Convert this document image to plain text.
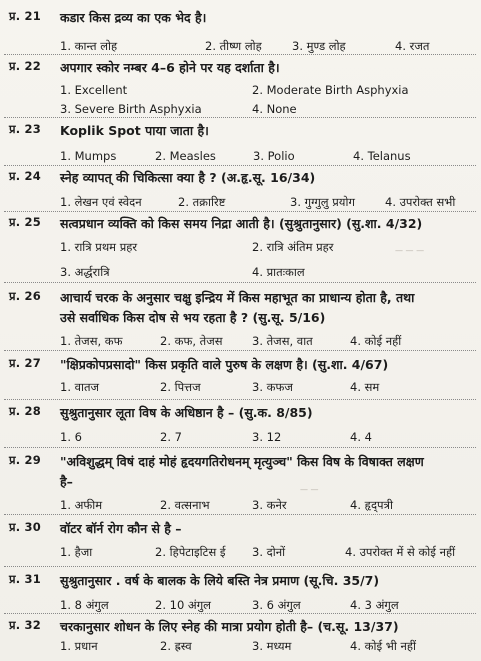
प्र. 21 कडार किस द्रव्य का एक भेद है।
1. कान्त लोह	2. तीष्ण लोह	3. मुण्ड लोह	4. रजत
प्र. 22 अपगार स्कोर नम्बर 4–6 होने पर यह दर्शाता है।
1. Excellent	2. Moderate Birth Asphyxia
3. Severe Birth Asphyxia	4. None
प्र. 23 Koplik Spot पाया जाता है।
1. Mumps	2. Measles	3. Polio	4. Telanus
प्र. 24 स्नेह व्यापत् की चिकित्सा क्या है ? (अ.हृ.सू. 16/34)
1. लेखन एवं स्वेदन	2. तक्रारिष्ट	3. गुग्गुलु प्रयोग	4. उपरोक्त सभी
प्र. 25 सत्वप्रधान व्यक्ति को किस समय निद्रा आती है। (सुश्रुतानुसार) (सु.शा. 4/32)
1. रात्रि प्रथम प्रहर	2. रात्रि अंतिम प्रहर
3. अर्द्धरात्रि	4. प्रातःकाल
— — —
प्र. 26 आचार्य चरक के अनुसार चक्षु इन्द्रिय में किस महाभूत का प्राधान्य होता है, तथा
उसे सर्वाधिक किस दोष से भय रहता है ? (सु.सू. 5/16)
1. तेजस, कफ	2. कफ, तेजस	3. तेजस, वात	4. कोई नहीं
प्र. 27 "क्षिप्रकोपप्रसादो" किस प्रकृति वाले पुरुष के लक्षण है। (सु.शा. 4/67)
1. वातज	2. पित्तज	3. कफज	4. सम
प्र. 28 सुश्रुतानुसार लूता विष के अधिष्ठान है – (सु.क. 8/85)
1. 6	2. 7	3. 12	4. 4
प्र. 29 "अविशुद्धम् विषं दाहं मोहं हृदयगतिरोधनम् मृत्युञ्च" किस विष के विषाक्त लक्षण
है–
1. अफीम	2. वत्सनाभ	3. कनेर	4. हृद्पत्री
— —
प्र. 30 वॉटर बॉर्न रोग कौन से है –
1. हैजा	2. हिपेटाइटिस ई 3. दोनों	4. उपरोक्त में से कोई नहीं
प्र. 31 सुश्रुतानुसार . वर्ष के बालक के लिये बस्ति नेत्र प्रमाण (सू.चि. 35/7)
1. 8 अंगुल	2. 10 अंगुल	3. 6 अंगुल	4. 3 अंगुल
प्र. 32 चरकानुसार शोधन के लिए स्नेह की मात्रा प्रयोग होती है– (च.सू. 13/37)
1. प्रधान	2. ह्रस्व	3. मध्यम	4. कोई भी नहीं
